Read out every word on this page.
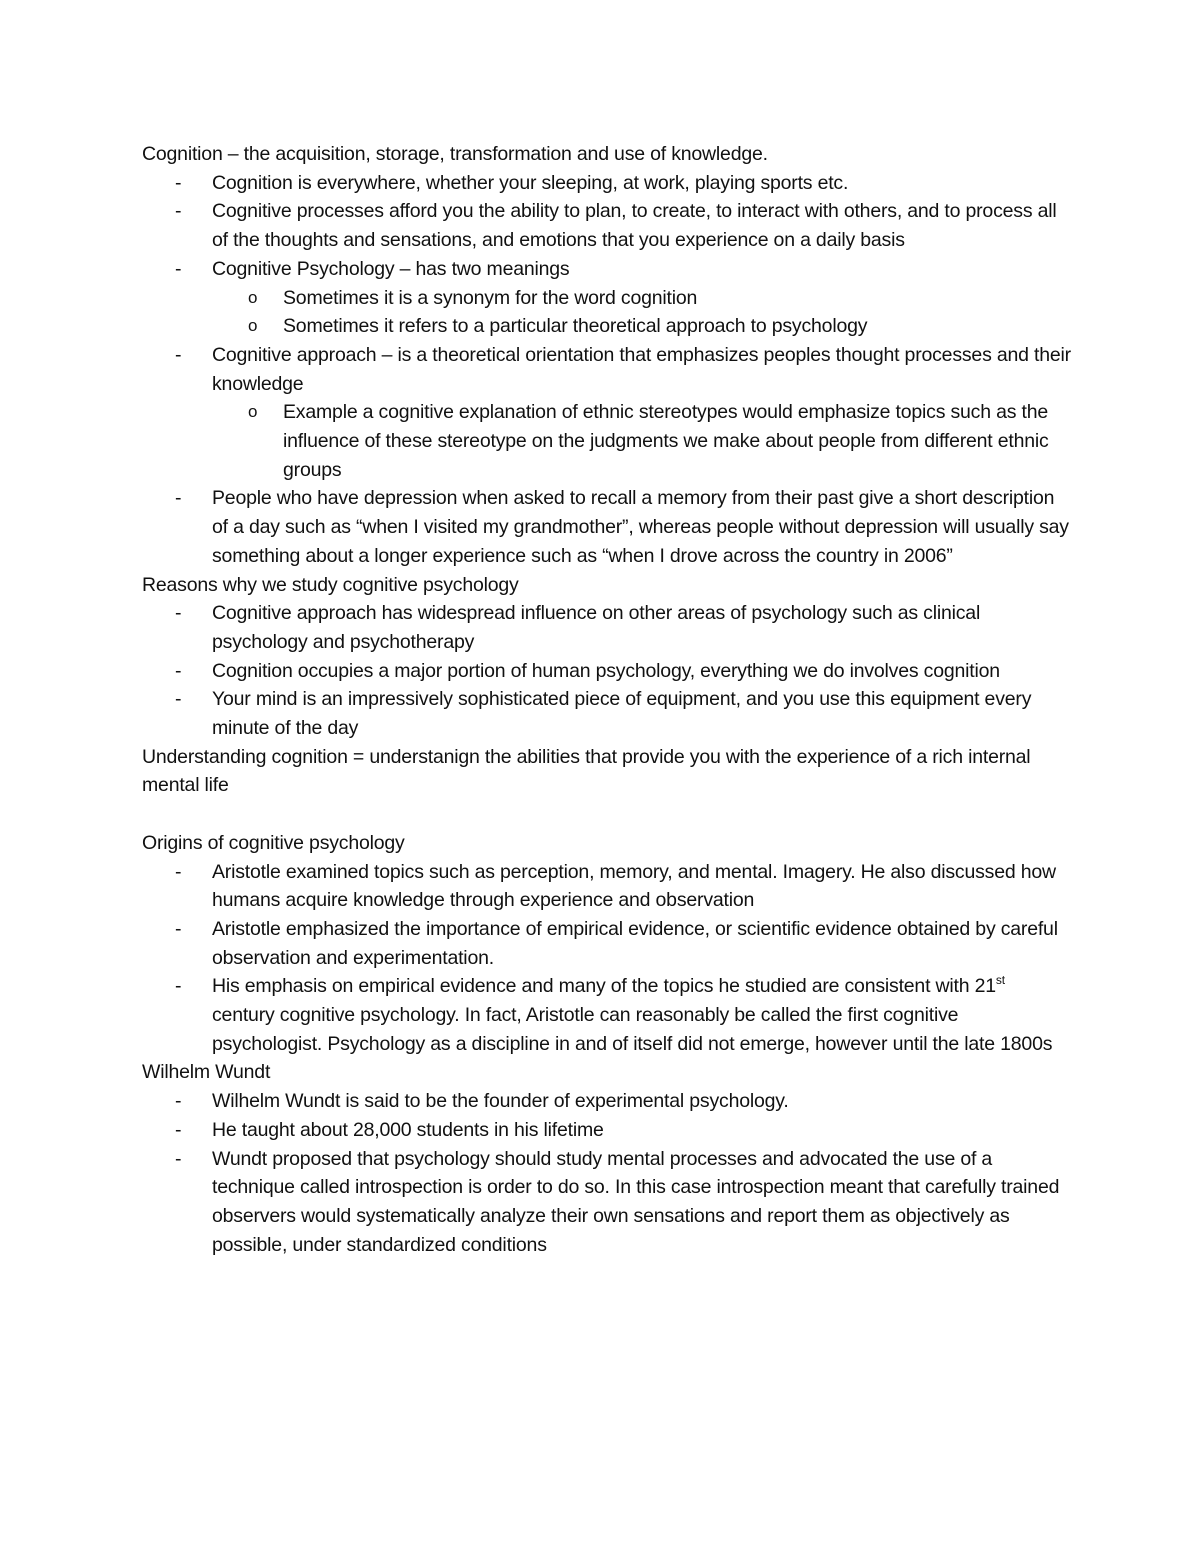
Cognition – the acquisition, storage, transformation and use of knowledge.

- Cognition is everywhere, whether your sleeping, at work, playing sports etc.
- Cognitive processes afford you the ability to plan, to create, to interact with others, and to process all of the thoughts and sensations, and emotions that you experience on a daily basis
- Cognitive Psychology – has two meanings
o Sometimes it is a synonym for the word cognition
o Sometimes it refers to a particular theoretical approach to psychology
- Cognitive approach – is a theoretical orientation that emphasizes peoples thought processes and their knowledge
o Example a cognitive explanation of ethnic stereotypes would emphasize topics such as the influence of these stereotype on the judgments we make about people from different ethnic groups
- People who have depression when asked to recall a memory from their past give a short description of a day such as “when I visited my grandmother”, whereas people without depression will usually say something about a longer experience such as “when I drove across the country in 2006”

Reasons why we study cognitive psychology

- Cognitive approach has widespread influence on other areas of psychology such as clinical psychology and psychotherapy
- Cognition occupies a major portion of human psychology, everything we do involves cognition
- Your mind is an impressively sophisticated piece of equipment, and you use this equipment every minute of the day

Understanding cognition = understanign the abilities that provide you with the experience of a rich internal mental life

Origins of cognitive psychology

- Aristotle examined topics such as perception, memory, and mental. Imagery. He also discussed how humans acquire knowledge through experience and observation
- Aristotle emphasized the importance of empirical evidence, or scientific evidence obtained by careful observation and experimentation.
- His emphasis on empirical evidence and many of the topics he studied are consistent with 21st century cognitive psychology. In fact, Aristotle can reasonably be called the first cognitive psychologist. Psychology as a discipline in and of itself did not emerge, however until the late 1800s

Wilhelm Wundt

- Wilhelm Wundt is said to be the founder of experimental psychology.
- He taught about 28,000 students in his lifetime
- Wundt proposed that psychology should study mental processes and advocated the use of a technique called introspection is order to do so. In this case introspection meant that carefully trained observers would systematically analyze their own sensations and report them as objectively as possible, under standardized conditions
